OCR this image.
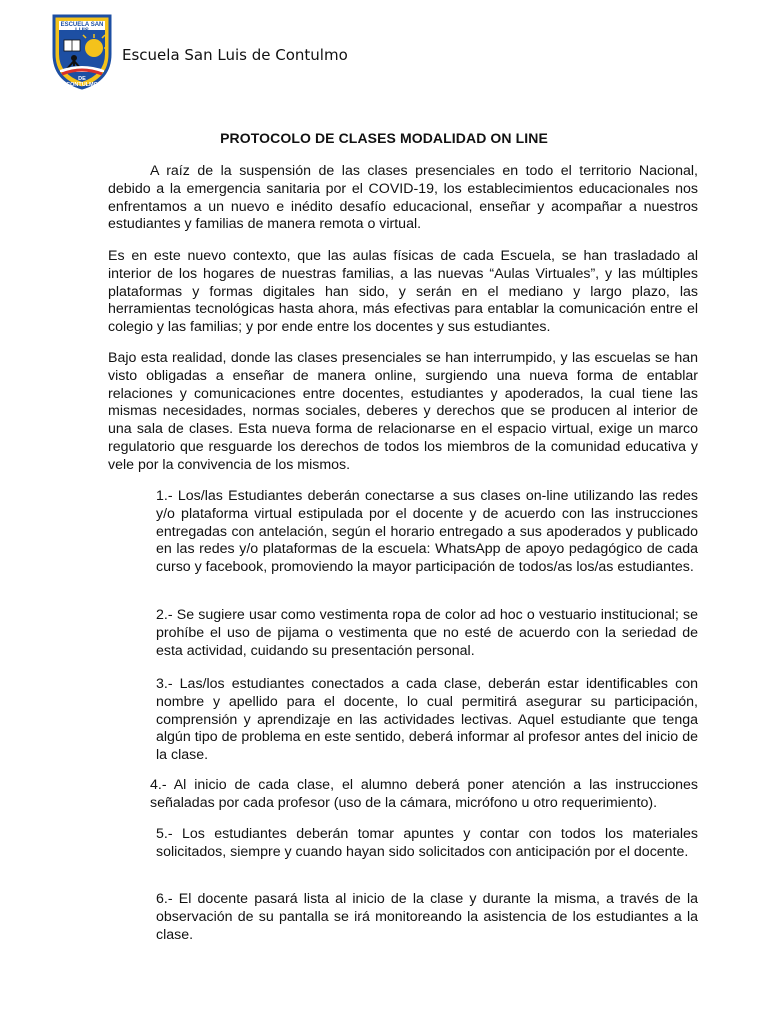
ESCUELA SAN LUIS
DE CONTULMO
Escuela San Luis de Contulmo
PROTOCOLO DE CLASES MODALIDAD ON LINE

A raíz de la suspensión de las clases presenciales en todo el territorio Nacional, debido a la emergencia sanitaria por el COVID-19, los establecimientos educacionales nos enfrentamos a un nuevo e inédito desafío educacional, enseñar y acompañar a nuestros estudiantes y familias de manera remota o virtual.

Es en este nuevo contexto, que las aulas físicas de cada Escuela, se han trasladado al interior de los hogares de nuestras familias, a las nuevas “Aulas Virtuales”, y las múltiples plataformas y formas digitales han sido, y serán en el mediano y largo plazo, las herramientas tecnológicas hasta ahora, más efectivas para entablar la comunicación entre el colegio y las familias; y por ende entre los docentes y sus estudiantes.

Bajo esta realidad, donde las clases presenciales se han interrumpido, y las escuelas se han visto obligadas a enseñar de manera online, surgiendo una nueva forma de entablar relaciones y comunicaciones entre docentes, estudiantes y apoderados, la cual tiene las mismas necesidades, normas sociales, deberes y derechos que se producen al interior de una sala de clases. Esta nueva forma de relacionarse en el espacio virtual, exige un marco regulatorio que resguarde los derechos de todos los miembros de la comunidad educativa y vele por la convivencia de los mismos.

1.- Los/las Estudiantes deberán conectarse a sus clases on-line utilizando las redes y/o plataforma virtual estipulada por el docente y de acuerdo con las instrucciones entregadas con antelación, según el horario entregado a sus apoderados y publicado en las redes y/o plataformas de la escuela: WhatsApp de apoyo pedagógico de cada curso y facebook, promoviendo la mayor participación de todos/as los/as estudiantes.

2.- Se sugiere usar como vestimenta ropa de color ad hoc o vestuario institucional; se prohíbe el uso de pijama o vestimenta que no esté de acuerdo con la seriedad de esta actividad, cuidando su presentación personal.

3.- Las/los estudiantes conectados a cada clase, deberán estar identificables con nombre y apellido para el docente, lo cual permitirá asegurar su participación, comprensión y aprendizaje en las actividades lectivas. Aquel estudiante que tenga algún tipo de problema en este sentido, deberá informar al profesor antes del inicio de la clase.

4.- Al inicio de cada clase, el alumno deberá poner atención a las instrucciones señaladas por cada profesor (uso de la cámara, micrófono u otro requerimiento).

5.- Los estudiantes deberán tomar apuntes y contar con todos los materiales solicitados, siempre y cuando hayan sido solicitados con anticipación por el docente.

6.- El docente pasará lista al inicio de la clase y durante la misma, a través de la observación de su pantalla se irá monitoreando la asistencia de los estudiantes a la clase.
